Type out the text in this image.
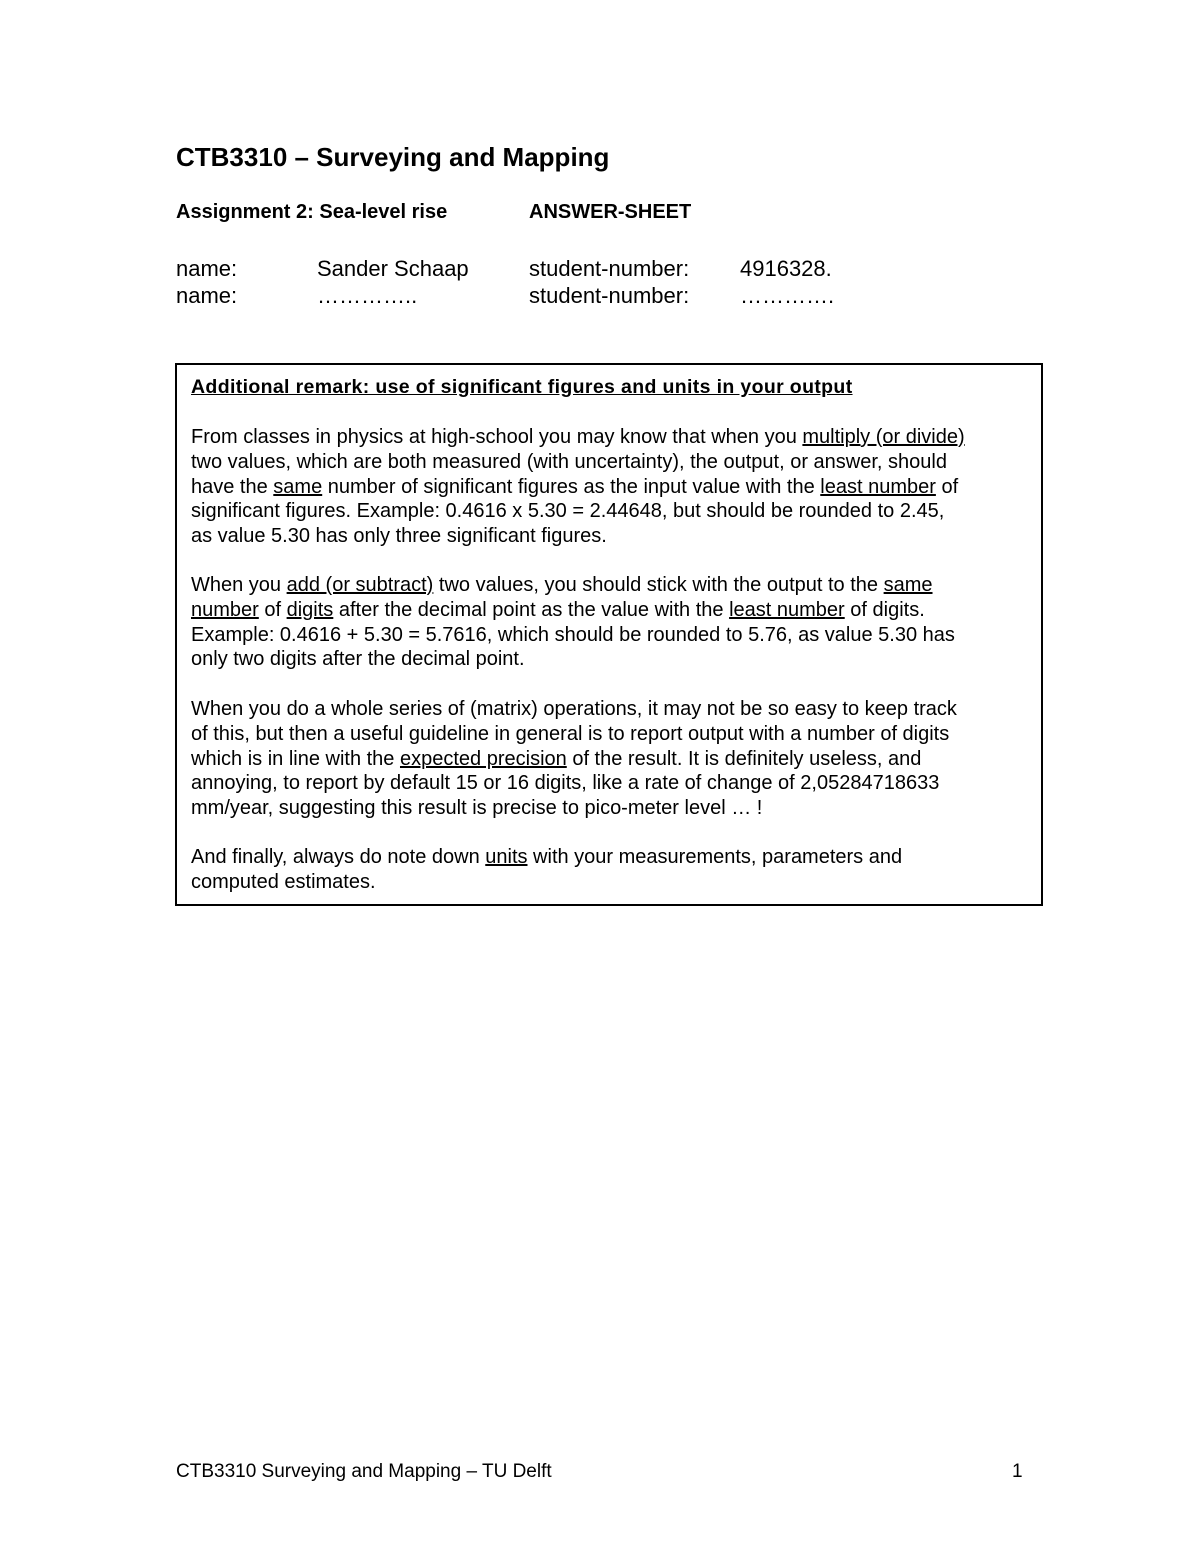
CTB3310 – Surveying and Mapping
Assignment 2: Sea-level rise	ANSWER-SHEET
name:	Sander Schaap	student-number: 4916328.
name:	…………..	student-number: ………….
Additional remark: use of significant figures and units in your output
From classes in physics at high-school you may know that when you multiply (or divide)
two values, which are both measured (with uncertainty), the output, or answer, should
have the same number of significant figures as the input value with the least number of
significant figures. Example: 0.4616 x 5.30 = 2.44648, but should be rounded to 2.45,
as value 5.30 has only three significant figures.
When you add (or subtract) two values, you should stick with the output to the same
number of digits after the decimal point as the value with the least number of digits.
Example: 0.4616 + 5.30 = 5.7616, which should be rounded to 5.76, as value 5.30 has
only two digits after the decimal point.
When you do a whole series of (matrix) operations, it may not be so easy to keep track
of this, but then a useful guideline in general is to report output with a number of digits
which is in line with the expected precision of the result. It is definitely useless, and
annoying, to report by default 15 or 16 digits, like a rate of change of 2,05284718633
mm/year, suggesting this result is precise to pico-meter level … !
And finally, always do note down units with your measurements, parameters and
computed estimates.
CTB3310 Surveying and Mapping – TU Delft	1
